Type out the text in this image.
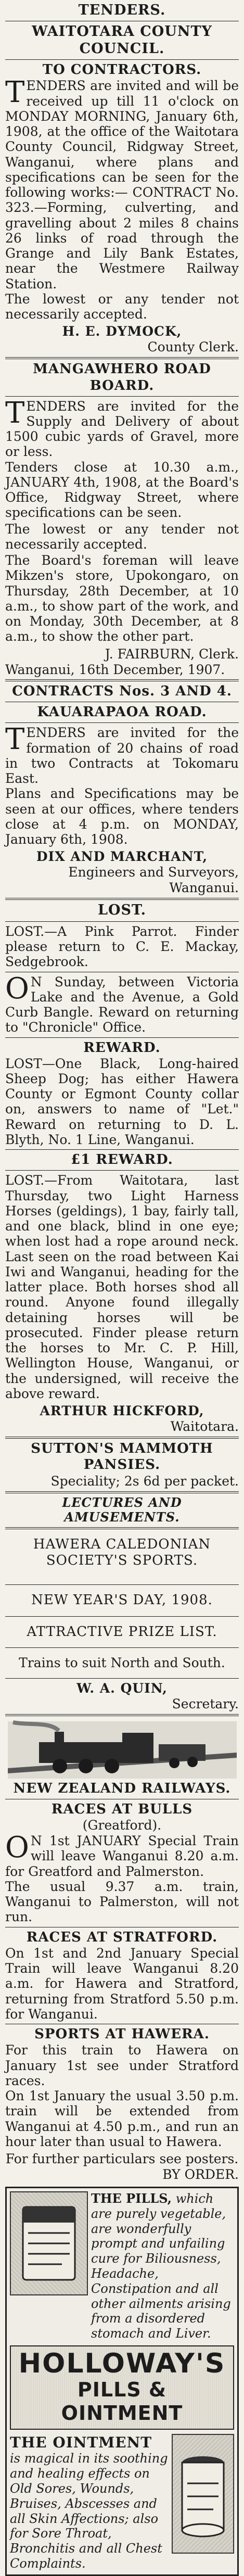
TENDERS.
WAITOTARA COUNTY COUNCIL.
TO CONTRACTORS.
TENDERS are invited and will be received up till 11 o'clock on MONDAY MORNING, January 6th, 1908, at the office of the Waitotara County Council, Ridgway Street, Wanganui, where plans and specifications can be seen for the following works:— CONTRACT No. 323.—Forming, culverting, and gravelling about 2 miles 8 chains 26 links of road through the Grange and Lily Bank Estates, near the Westmere Railway Station.

The lowest or any tender not necessarily accepted.

H. E. DYMOCK,
County Clerk.
MANGAWHERO ROAD BOARD.
TENDERS are invited for the Supply and Delivery of about 1500 cubic yards of Gravel, more or less.

Tenders close at 10.30 a.m., JANUARY 4th, 1908, at the Board's Office, Ridgway Street, where specifications can be seen.

The lowest or any tender not necessarily accepted.

The Board's foreman will leave Mikzen's store, Upokongaro, on Thursday, 28th December, at 10 a.m., to show part of the work, and on Monday, 30th December, at 8 a.m., to show the other part.

J. FAIRBURN, Clerk.
Wanganui, 16th December, 1907.
CONTRACTS Nos. 3 AND 4.
KAUARAPAOA ROAD.
TENDERS are invited for the formation of 20 chains of road in two Contracts at Tokomaru East.

Plans and Specifications may be seen at our offices, where tenders close at 4 p.m. on MONDAY, January 6th, 1908.

DIX AND MARCHANT,
Engineers and Surveyors, Wanganui.
LOST.
LOST.—A Pink Parrot. Finder please return to C. E. Mackay, Sedgebrook.
O N Sunday, between Victoria Lake and the Avenue, a Gold Curb Bangle. Reward on returning to "Chronicle" Office.
REWARD.
LOST—One Black, Long-haired Sheep Dog; has either Hawera County or Egmont County collar on, answers to name of "Let." Reward on returning to D. L. Blyth, No. 1 Line, Wanganui.
£1 REWARD.
LOST.—From Waitotara, last Thursday, two Light Harness Horses (geldings), 1 bay, fairly tall, and one black, blind in one eye; when lost had a rope around neck. Last seen on the road between Kai Iwi and Wanganui, heading for the latter place. Both horses shod all round. Anyone found illegally detaining horses will be prosecuted. Finder please return the horses to Mr. C. P. Hill, Wellington House, Wanganui, or the undersigned, will receive the above reward.
ARTHUR HICKFORD,
Waitotara.
SUTTON'S MAMMOTH PANSIES.
Speciality; 2s 6d per packet.
LECTURES AND AMUSEMENTS.
HAWERA CALEDONIAN SOCIETY'S SPORTS.
NEW YEAR'S DAY, 1908.
ATTRACTIVE PRIZE LIST.
Trains to suit North and South.
W. A. QUIN,
Secretary.
NEW ZEALAND RAILWAYS.
RACES AT BULLS
(Greatford).
O N 1st JANUARY Special Train will leave Wanganui 8.20 a.m. for Greatford and Palmerston.

The usual 9.37 a.m. train, Wanganui to Palmerston, will not run.

RACES AT STRATFORD.
On 1st and 2nd January Special Train will leave Wanganui 8.20 a.m. for Hawera and Stratford, returning from Stratford 5.50 p.m. for Wanganui.
SPORTS AT HAWERA.
For this train to Hawera on January 1st see under Stratford races.
On 1st January the usual 3.50 p.m. train will be extended from Wanganui at 4.50 p.m., and run an hour later than usual to Hawera.
For further particulars see posters.
BY ORDER.
THE PILLS, which are purely vegetable, are wonderfully prompt and unfailing cure for Biliousness, Headache, Constipation and all other ailments arising from a disordered stomach and Liver.
HOLLOWAY'S
PILLS & OINTMENT
THE OINTMENT
is magical in its soothing and healing effects on Old Sores, Wounds, Bruises, Abscesses and all Skin Affections; also for Sore Throat, Bronchitis and all Chest Complaints.
